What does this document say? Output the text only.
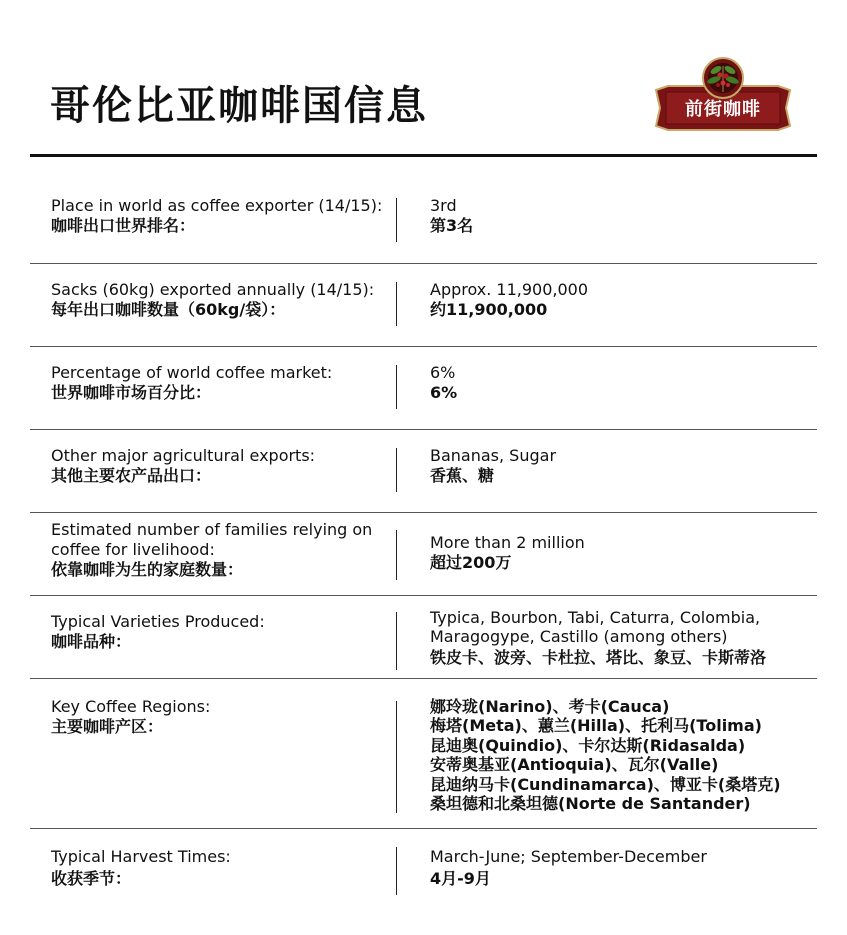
哥伦比亚咖啡国信息	前街咖啡
Place in world as coffee exporter (14/15):
咖啡出口世界排名：
3rd
第3名
Sacks (60kg) exported annually (14/15):
每年出口咖啡数量（60kg/袋）：
Approx. 11,900,000
约11,900,000
Percentage of world coffee market:
世界咖啡市场百分比：
6%
6%
Other major agricultural exports:
其他主要农产品出口：
Bananas, Sugar
香蕉、糖
Estimated number of families relying on
coffee for livelihood:
依靠咖啡为生的家庭数量：
More than 2 million
超过200万
Typical Varieties Produced:
咖啡品种：
Typica, Bourbon, Tabi, Caturra, Colombia,
Maragogype, Castillo (among others)
铁皮卡、波旁、卡杜拉、塔比、象豆、卡斯蒂洛
Key Coffee Regions:
主要咖啡产区：
娜玲珑(Narino)、考卡(Cauca)
梅塔(Meta)、蕙兰(Hilla)、托利马(Tolima)
昆迪奥(Quindio)、卡尔达斯(Ridasalda)
安蒂奥基亚(Antioquia)、瓦尔(Valle)
昆迪纳马卡(Cundinamarca)、博亚卡(桑塔克)
桑坦德和北桑坦德(Norte de Santander)
Typical Harvest Times:
收获季节：
March-June; September-December
4月-9月
